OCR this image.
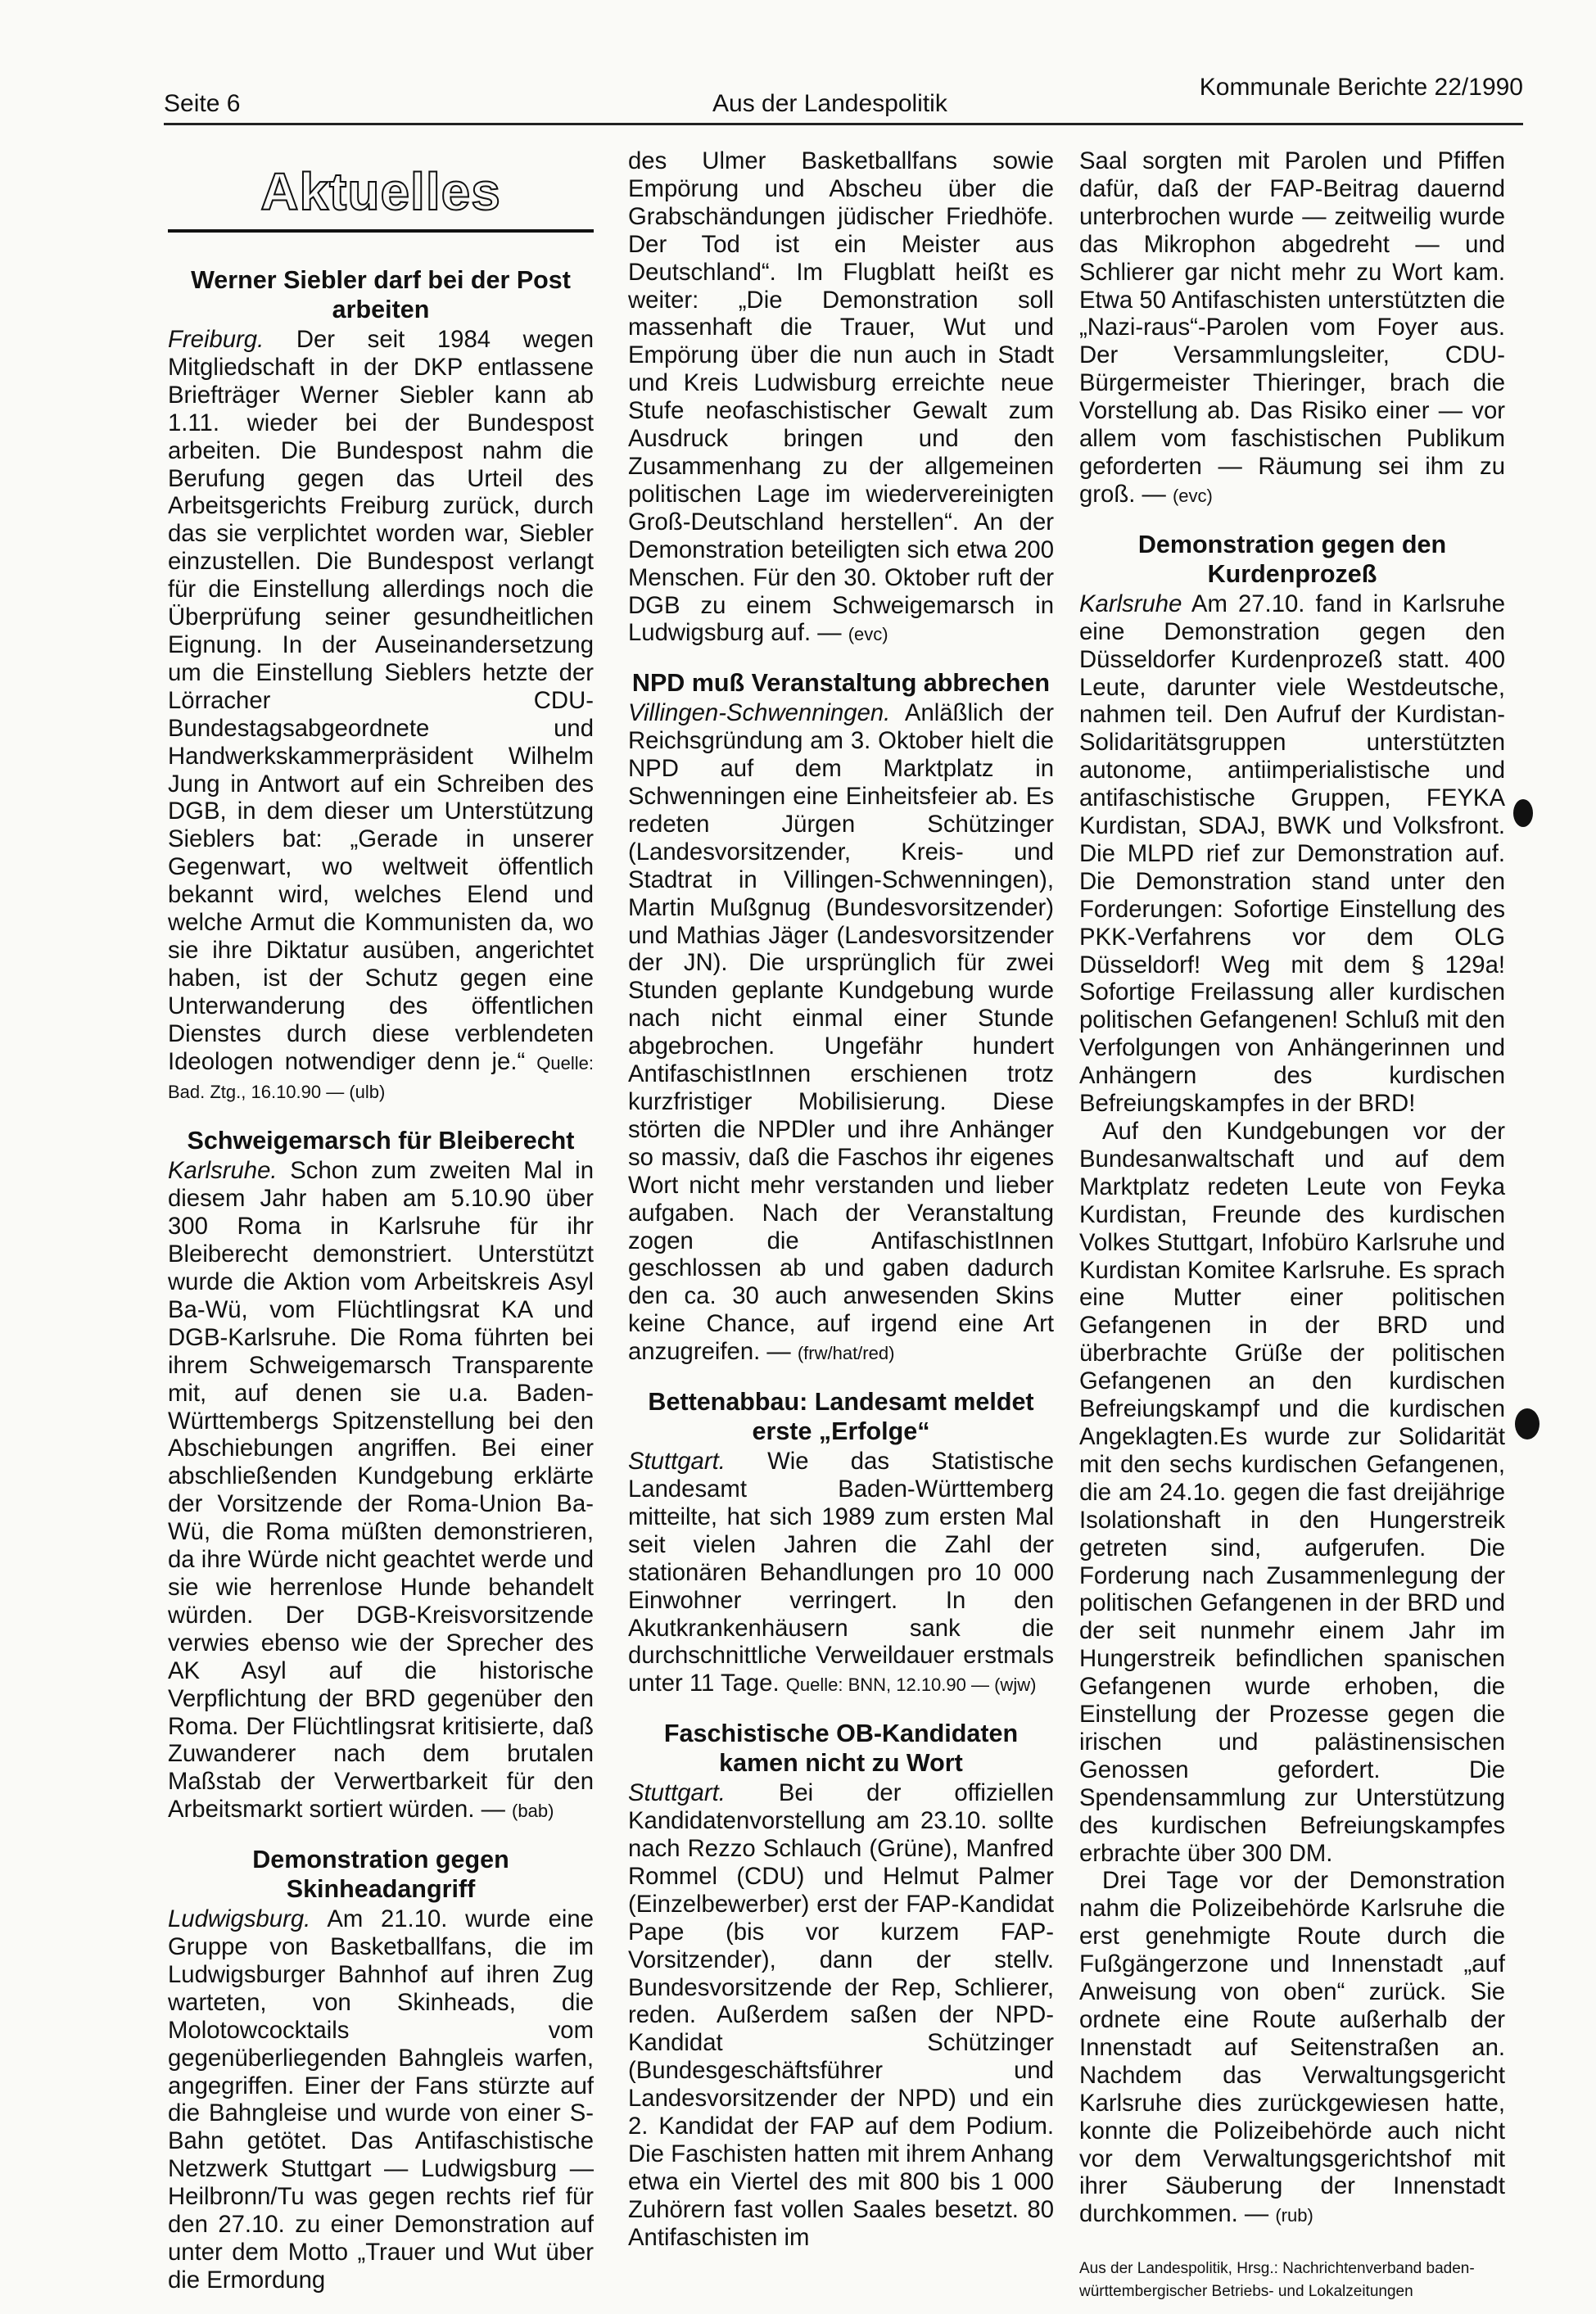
Seite 6	Aus der Landespolitik
Kommunale Berichte 22/1990
Aktuelles
Werner Siebler darf bei der Post arbeiten

Freiburg. Der seit 1984 wegen Mitgliedschaft in der DKP entlassene Briefträger Werner Siebler kann ab 1.11. wieder bei der Bundespost arbeiten. Die Bundespost nahm die Berufung gegen das Urteil des Arbeitsgerichts Freiburg zurück, durch das sie verplichtet worden war, Siebler einzustellen. Die Bundespost verlangt für die Einstellung allerdings noch die Überprüfung seiner gesundheitlichen Eignung. In der Auseinandersetzung um die Einstellung Sieblers hetzte der Lörracher CDU-Bundestagsabgeordnete und Handwerkskammerpräsident Wilhelm Jung in Antwort auf ein Schreiben des DGB, in dem dieser um Unterstützung Sieblers bat: „Gerade in unserer Gegenwart, wo weltweit öffentlich bekannt wird, welches Elend und welche Armut die Kommunisten da, wo sie ihre Diktatur ausüben, angerichtet haben, ist der Schutz gegen eine Unterwanderung des öffentlichen Dienstes durch diese verblendeten Ideologen notwendiger denn je.“ Quelle: Bad. Ztg., 16.10.90 — (ulb)

Schweigemarsch für Bleiberecht

Karlsruhe. Schon zum zweiten Mal in diesem Jahr haben am 5.10.90 über 300 Roma in Karlsruhe für ihr Bleiberecht demonstriert. Unterstützt wurde die Aktion vom Arbeitskreis Asyl Ba-Wü, vom Flüchtlingsrat KA und DGB-Karlsruhe. Die Roma führten bei ihrem Schweigemarsch Transparente mit, auf denen sie u.a. Baden-Württembergs Spitzenstellung bei den Abschiebungen angriffen. Bei einer abschließenden Kundgebung erklärte der Vorsitzende der Roma-Union Ba-Wü, die Roma müßten demonstrieren, da ihre Würde nicht geachtet werde und sie wie herrenlose Hunde behandelt würden. Der DGB-Kreisvorsitzende verwies ebenso wie der Sprecher des AK Asyl auf die historische Verpflichtung der BRD gegenüber den Roma. Der Flüchtlingsrat kritisierte, daß Zuwanderer nach dem brutalen Maßstab der Verwertbarkeit für den Arbeitsmarkt sortiert würden. — (bab)

Demonstration gegen Skinheadangriff

Ludwigsburg. Am 21.10. wurde eine Gruppe von Basketballfans, die im Ludwigsburger Bahnhof auf ihren Zug warteten, von Skinheads, die Molotowcocktails vom gegenüberliegenden Bahngleis warfen, angegriffen. Einer der Fans stürzte auf die Bahngleise und wurde von einer S-Bahn getötet. Das Antifaschistische Netzwerk Stuttgart — Ludwigsburg — Heilbronn/Tu was gegen rechts rief für den 27.10. zu einer Demonstration auf unter dem Motto „Trauer und Wut über die Ermordung

des Ulmer Basketballfans sowie Empörung und Abscheu über die Grabschändungen jüdischer Friedhöfe. Der Tod ist ein Meister aus Deutschland“. Im Flugblatt heißt es weiter: „Die Demonstration soll massenhaft die Trauer, Wut und Empörung über die nun auch in Stadt und Kreis Ludwisburg erreichte neue Stufe neofaschistischer Gewalt zum Ausdruck bringen und den Zusammenhang zu der allgemeinen politischen Lage im wiedervereinigten Groß-Deutschland herstellen“. An der Demonstration beteiligten sich etwa 200 Menschen. Für den 30. Oktober ruft der DGB zu einem Schweigemarsch in Ludwigsburg auf. — (evc)

NPD muß Veranstaltung abbrechen

Villingen-Schwenningen. Anläßlich der Reichsgründung am 3. Oktober hielt die NPD auf dem Marktplatz in Schwenningen eine Einheitsfeier ab. Es redeten Jürgen Schützinger (Landesvorsitzender, Kreis- und Stadtrat in Villingen-Schwenningen), Martin Mußgnug (Bundesvorsitzender) und Mathias Jäger (Landesvorsitzender der JN). Die ursprünglich für zwei Stunden geplante Kundgebung wurde nach nicht einmal einer Stunde abgebrochen. Ungefähr hundert AntifaschistInnen erschienen trotz kurzfristiger Mobilisierung. Diese störten die NPDler und ihre Anhänger so massiv, daß die Faschos ihr eigenes Wort nicht mehr verstanden und lieber aufgaben. Nach der Veranstaltung zogen die AntifaschistInnen geschlossen ab und gaben dadurch den ca. 30 auch anwesenden Skins keine Chance, auf irgend eine Art anzugreifen. — (frw/hat/red)

Bettenabbau: Landesamt meldet erste „Erfolge“

Stuttgart. Wie das Statistische Landesamt Baden-Württemberg mitteilte, hat sich 1989 zum ersten Mal seit vielen Jahren die Zahl der stationären Behandlungen pro 10 000 Einwohner verringert. In den Akutkrankenhäusern sank die durchschnittliche Verweildauer erstmals unter 11 Tage. Quelle: BNN, 12.10.90 — (wjw)

Faschistische OB-Kandidaten kamen nicht zu Wort

Stuttgart. Bei der offiziellen Kandidatenvorstellung am 23.10. sollte nach Rezzo Schlauch (Grüne), Manfred Rommel (CDU) und Helmut Palmer (Einzelbewerber) erst der FAP-Kandidat Pape (bis vor kurzem FAP-Vorsitzender), dann der stellv. Bundesvorsitzende der Rep, Schlierer, reden. Außerdem saßen der NPD-Kandidat Schützinger (Bundesgeschäftsführer und Landesvorsitzender der NPD) und ein 2. Kandidat der FAP auf dem Podium. Die Faschisten hatten mit ihrem Anhang etwa ein Viertel des mit 800 bis 1 000 Zuhörern fast vollen Saales besetzt. 80 Antifaschisten im

Saal sorgten mit Parolen und Pfiffen dafür, daß der FAP-Beitrag dauernd unterbrochen wurde — zeitweilig wurde das Mikrophon abgedreht — und Schlierer gar nicht mehr zu Wort kam. Etwa 50 Antifaschisten unterstützten die „Nazi-raus“-Parolen vom Foyer aus. Der Versammlungsleiter, CDU-Bürgermeister Thieringer, brach die Vorstellung ab. Das Risiko einer — vor allem vom faschistischen Publikum geforderten — Räumung sei ihm zu groß. — (evc)

Demonstration gegen den Kurdenprozeß

Karlsruhe Am 27.10. fand in Karlsruhe eine Demonstration gegen den Düsseldorfer Kurdenprozeß statt. 400 Leute, darunter viele Westdeutsche, nahmen teil. Den Aufruf der Kurdistan-Solidaritätsgruppen unterstützten autonome, antiimperialistische und antifaschistische Gruppen, FEYKA Kurdistan, SDAJ, BWK und Volksfront. Die MLPD rief zur Demonstration auf. Die Demonstration stand unter den Forderungen: Sofortige Einstellung des PKK-Verfahrens vor dem OLG Düsseldorf! Weg mit dem § 129a! Sofortige Freilassung aller kurdischen politischen Gefangenen! Schluß mit den Verfolgungen von Anhängerinnen und Anhängern des kurdischen Befreiungskampfes in der BRD!

Auf den Kundgebungen vor der Bundesanwaltschaft und auf dem Marktplatz redeten Leute von Feyka Kurdistan, Freunde des kurdischen Volkes Stuttgart, Infobüro Karlsruhe und Kurdistan Komitee Karlsruhe. Es sprach eine Mutter einer politischen Gefangenen in der BRD und überbrachte Grüße der politischen Gefangenen an den kurdischen Befreiungskampf und die kurdischen Angeklagten.Es wurde zur Solidarität mit den sechs kurdischen Gefangenen, die am 24.1o. gegen die fast dreijährige Isolationshaft in den Hungerstreik getreten sind, aufgerufen. Die Forderung nach Zusammenlegung der politischen Gefangenen in der BRD und der seit nunmehr einem Jahr im Hungerstreik befindlichen spanischen Gefangenen wurde erhoben, die Einstellung der Prozesse gegen die irischen und palästinensischen Genossen gefordert. Die Spendensammlung zur Unterstützung des kurdischen Befreiungskampfes erbrachte über 300 DM.

Drei Tage vor der Demonstration nahm die Polizeibehörde Karlsruhe die erst genehmigte Route durch die Fußgängerzone und Innenstadt „auf Anweisung von oben“ zurück. Sie ordnete eine Route außerhalb der Innenstadt auf Seitenstraßen an. Nachdem das Verwaltungsgericht Karlsruhe dies zurückgewiesen hatte, konnte die Polizeibehörde auch nicht vor dem Verwaltungsgerichtshof mit ihrer Säuberung der Innenstadt durchkommen. — (rub)

Aus der Landespolitik, Hrsg.: Nachrichtenverband baden-württembergischer Betriebs- und Lokalzeitungen
